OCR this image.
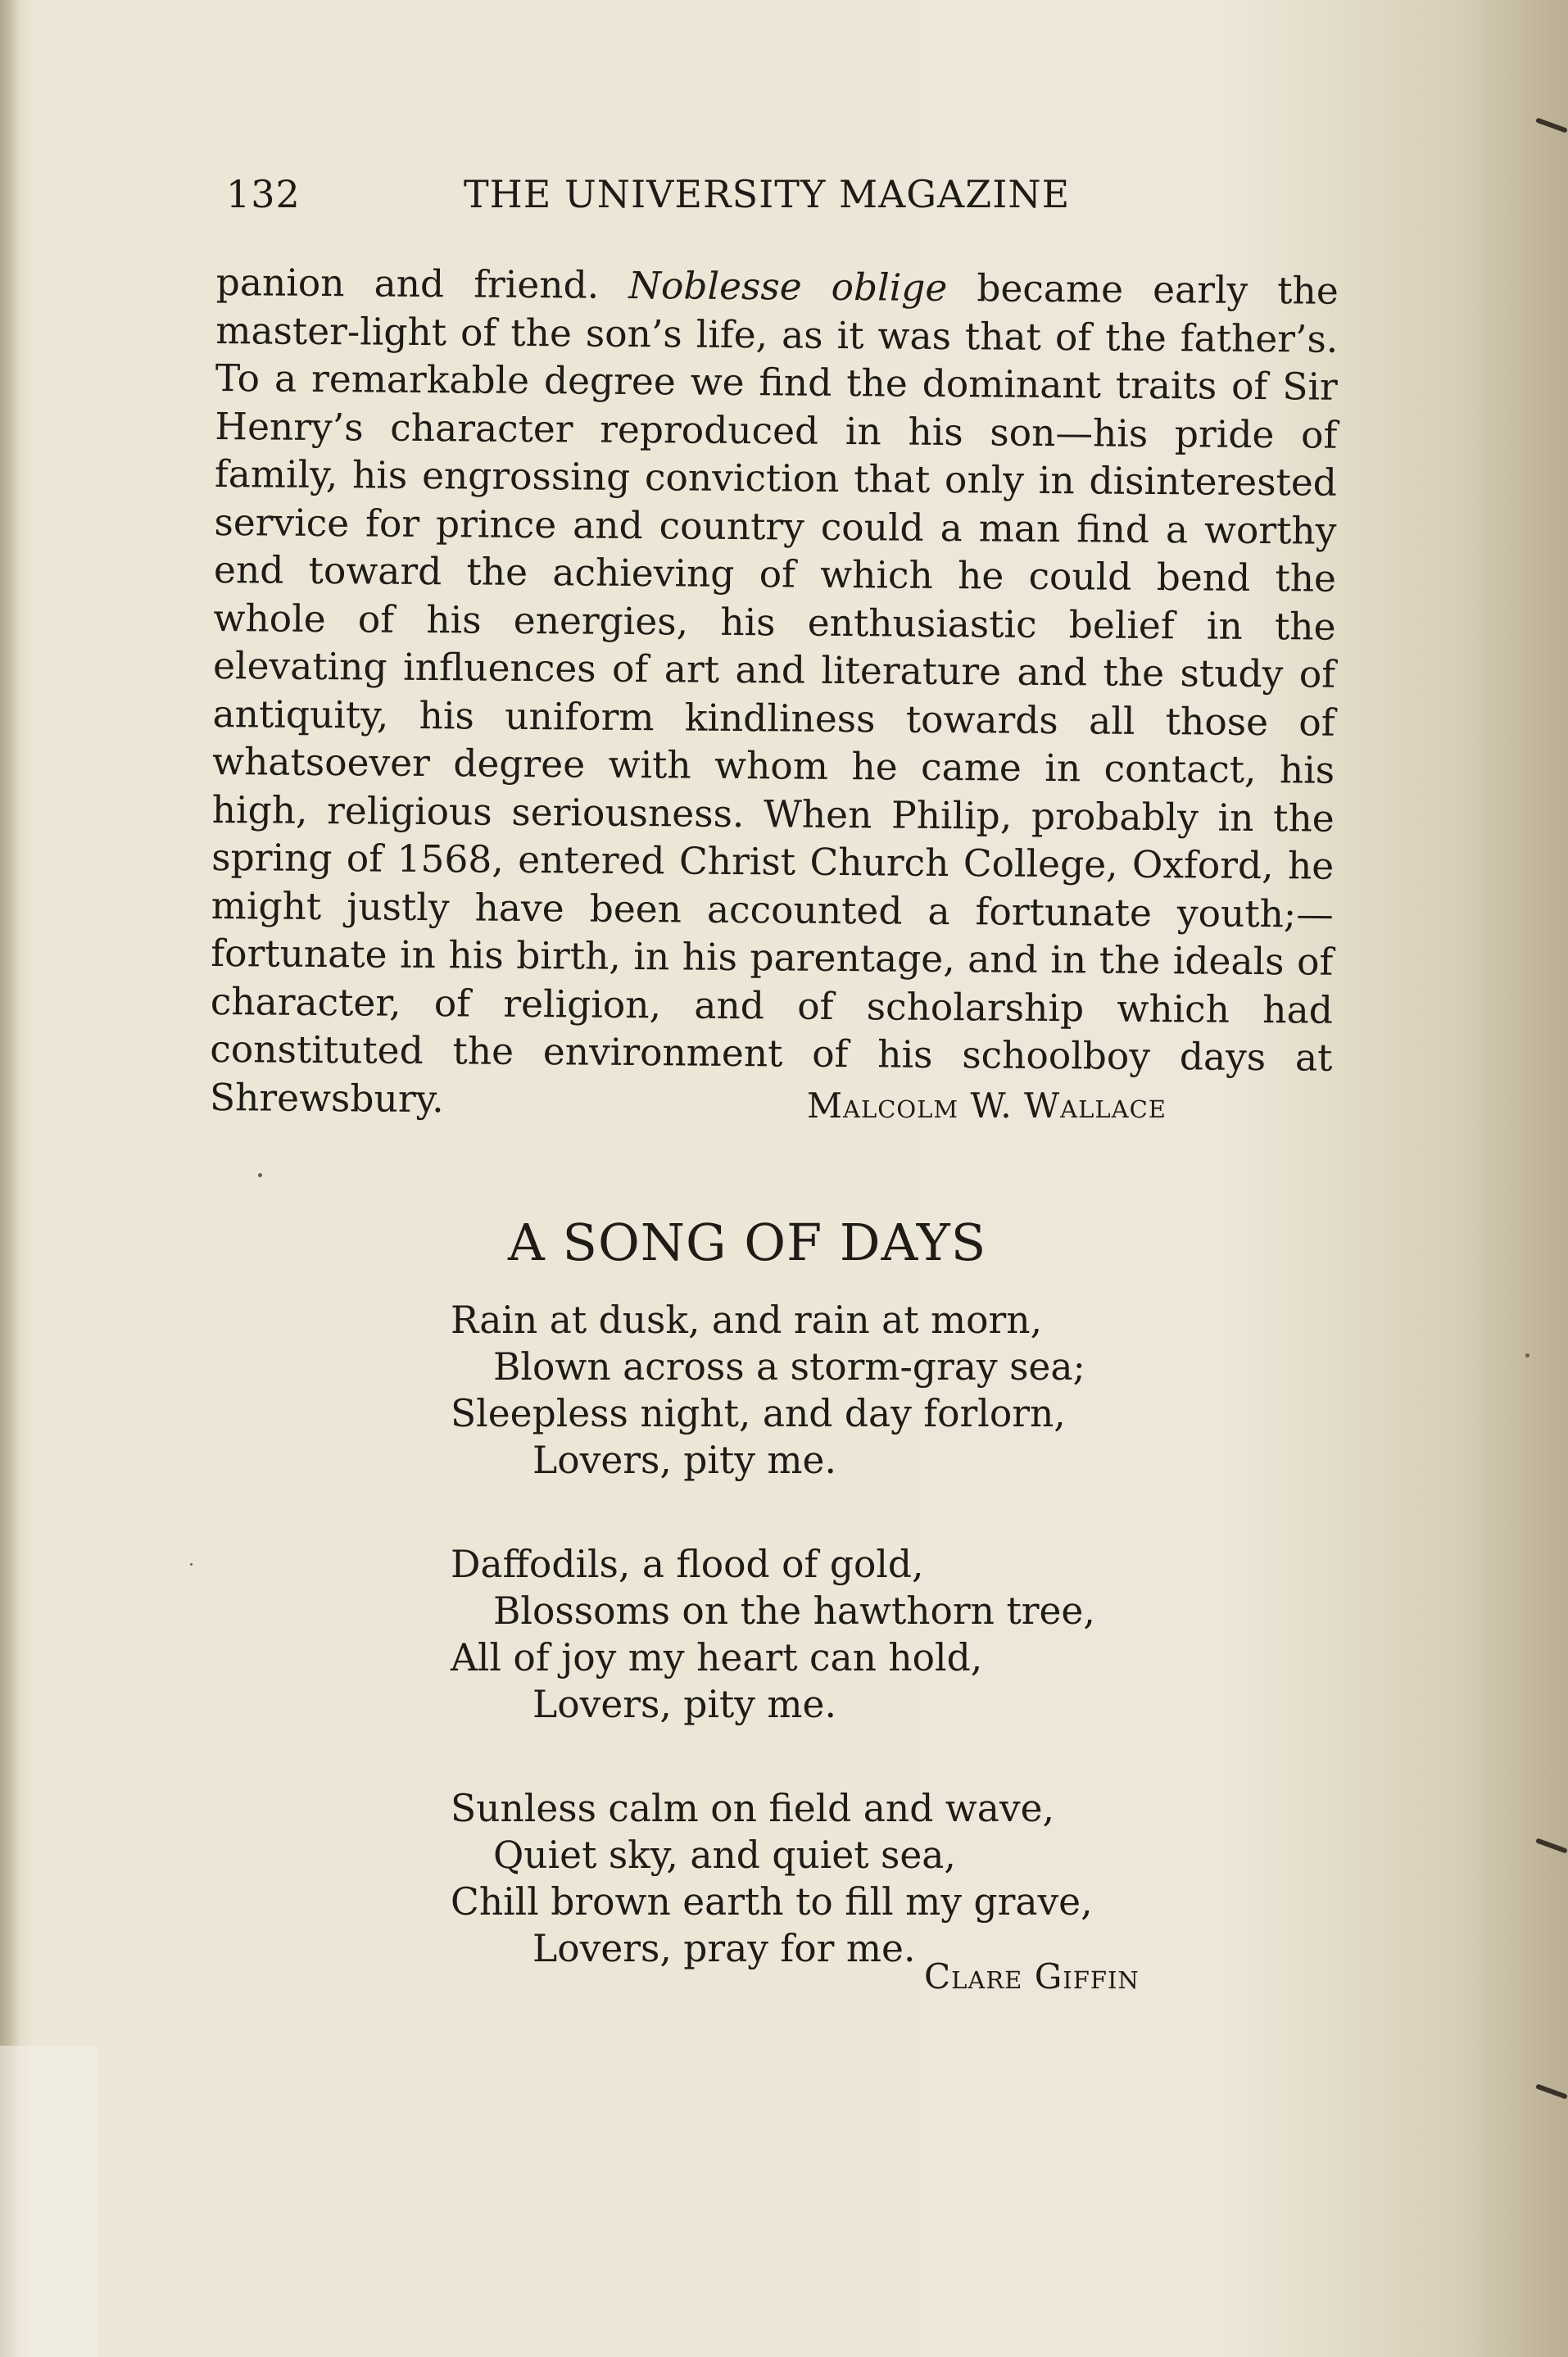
132	THE UNIVERSITY MAGAZINE

panion and friend. Noblesse oblige became early the master-light of the son’s life, as it was that of the father’s. To a remarkable degree we find the dominant traits of Sir Henry’s character reproduced in his son—his pride of family, his engrossing conviction that only in disinterested service for prince and country could a man find a worthy end toward the achieving of which he could bend the whole of his energies, his enthusiastic belief in the elevating influences of art and literature and the study of antiquity, his uniform kindliness towards all those of whatsoever degree with whom he came in contact, his high, religious seriousness. When Philip, probably in the spring of 1568, entered Christ Church College, Oxford, he might justly have been accounted a fortunate youth;—fortunate in his birth, in his parentage, and in the ideals of character, of religion, and of scholarship which had constituted the environment of his schoolboy days at Shrewsbury.	Malcolm W. Wallace
A SONG OF DAYS
Rain at dusk, and rain at morn,
Blown across a storm-gray sea;
Sleepless night, and day forlorn,
Lovers, pity me.
Daffodils, a flood of gold,
Blossoms on the hawthorn tree,
All of joy my heart can hold,
Lovers, pity me.
Sunless calm on field and wave,
Quiet sky, and quiet sea,
Chill brown earth to fill my grave,
Lovers, pray for me.
Clare Giffin
